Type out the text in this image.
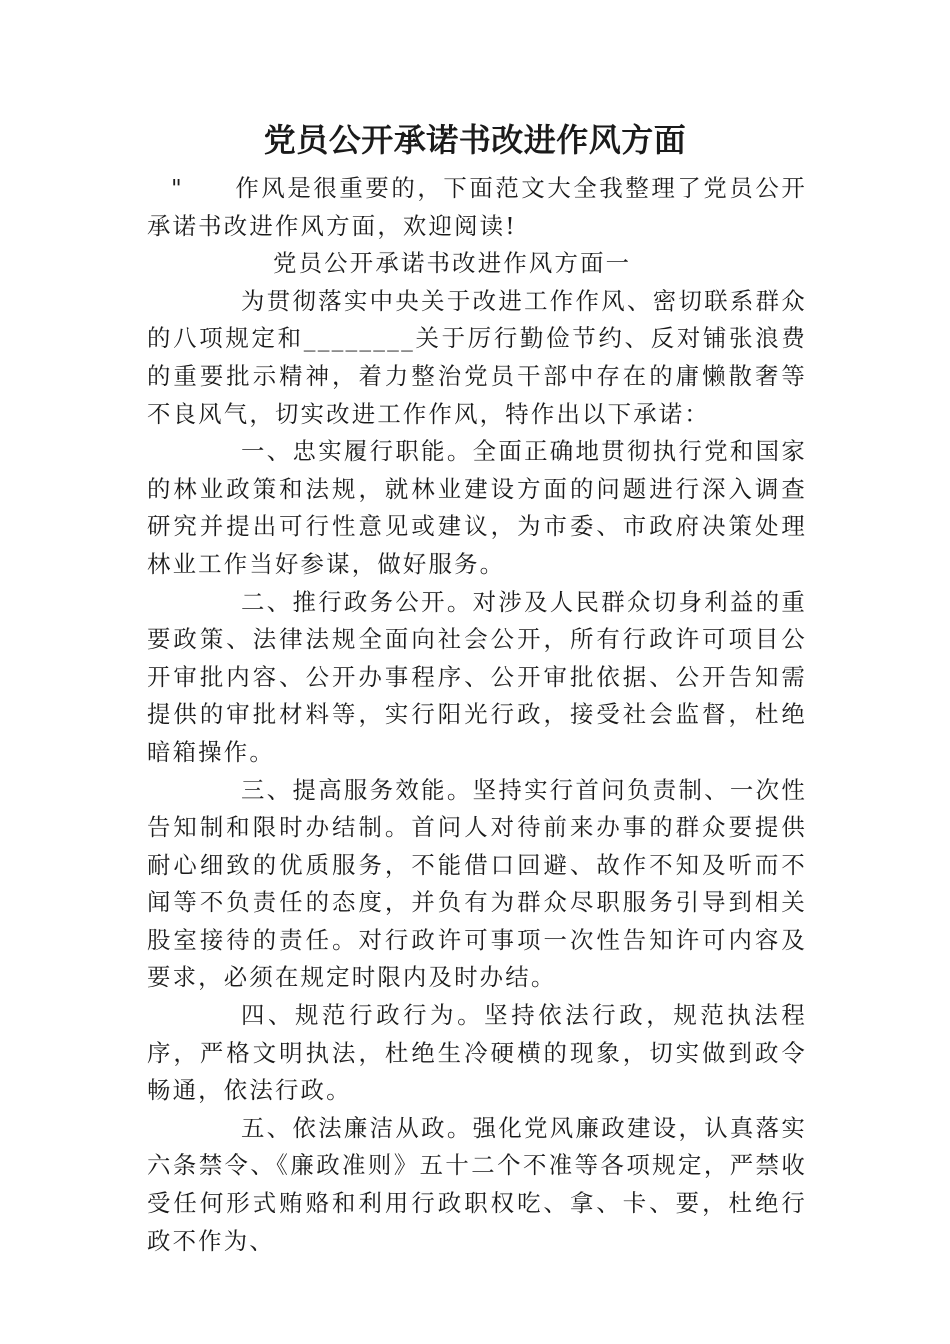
党员公开承诺书改进作风方面

" 作风是很重要的，下面范文大全我整理了党员公开承诺书改进作风方面，欢迎阅读!

党员公开承诺书改进作风方面一

为贯彻落实中央关于改进工作作风、密切联系群众的八项规定和________关于厉行勤俭节约、反对铺张浪费的重要批示精神，着力整治党员干部中存在的庸懒散奢等不良风气，切实改进工作作风，特作出以下承诺：

一、忠实履行职能。全面正确地贯彻执行党和国家的林业政策和法规，就林业建设方面的问题进行深入调查研究并提出可行性意见或建议，为市委、市政府决策处理林业工作当好参谋，做好服务。

二、推行政务公开。对涉及人民群众切身利益的重要政策、法律法规全面向社会公开，所有行政许可项目公开审批内容、公开办事程序、公开审批依据、公开告知需提供的审批材料等，实行阳光行政，接受社会监督，杜绝暗箱操作。

三、提高服务效能。坚持实行首问负责制、一次性告知制和限时办结制。首问人对待前来办事的群众要提供耐心细致的优质服务，不能借口回避、故作不知及听而不闻等不负责任的态度，并负有为群众尽职服务引导到相关股室接待的责任。对行政许可事项一次性告知许可内容及要求，必须在规定时限内及时办结。

四、规范行政行为。坚持依法行政，规范执法程序，严格文明执法，杜绝生冷硬横的现象，切实做到政令畅通，依法行政。

五、依法廉洁从政。强化党风廉政建设，认真落实六条禁令、《廉政准则》五十二个不准等各项规定，严禁收受任何形式贿赂和利用行政职权吃、拿、卡、要，杜绝行政不作为、
